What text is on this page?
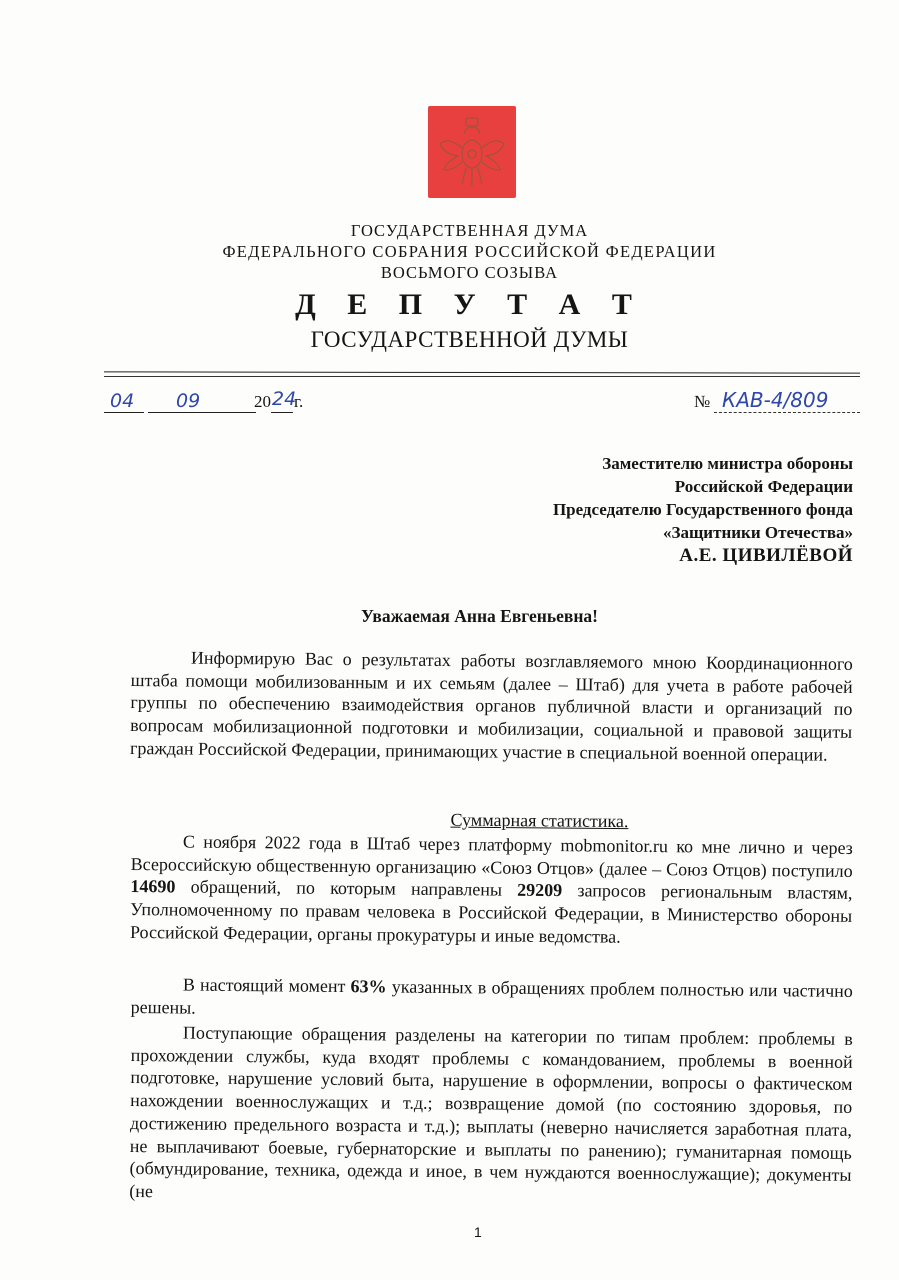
ГОСУДАРСТВЕННАЯ ДУМА
ФЕДЕРАЛЬНОГО СОБРАНИЯ РОССИЙСКОЙ ФЕДЕРАЦИИ
ВОСЬМОГО СОЗЫВА
Д Е П У Т А Т
ГОСУДАРСТВЕННОЙ ДУМЫ
04 09	20 24
г.	№ КАВ-4/809
Заместителю министра обороны
Российской Федерации
Председателю Государственного фонда
«Защитники Отечества»
А.Е. ЦИВИЛЁВОЙ
Уважаемая Анна Евгеньевна!
Информирую Вас о результатах работы возглавляемого мною Координационного штаба помощи мобилизованным и их семьям (далее – Штаб) для учета в работе рабочей группы по обеспечению взаимодействия органов публичной власти и организаций по вопросам мобилизационной подготовки и мобилизации, социальной и правовой защиты граждан Российской Федерации, принимающих участие в специальной военной операции.
Суммарная статистика.
С ноября 2022 года в Штаб через платформу mobmonitor.ru ко мне лично и через Всероссийскую общественную организацию «Союз Отцов» (далее – Союз Отцов) поступило 14690 обращений, по которым направлены 29209 запросов региональным властям, Уполномоченному по правам человека в Российской Федерации, в Министерство обороны Российской Федерации, органы прокуратуры и иные ведомства.
В настоящий момент 63% указанных в обращениях проблем полностью или частично решены.
Поступающие обращения разделены на категории по типам проблем: проблемы в прохождении службы, куда входят проблемы с командованием, проблемы в военной подготовке, нарушение условий быта, нарушение в оформлении, вопросы о фактическом нахождении военнослужащих и т.д.; возвращение домой (по состоянию здоровья, по достижению предельного возраста и т.д.); выплаты (неверно начисляется заработная плата, не выплачивают боевые, губернаторские и выплаты по ранению); гуманитарная помощь (обмундирование, техника, одежда и иное, в чем нуждаются военнослужащие); документы (не
1
